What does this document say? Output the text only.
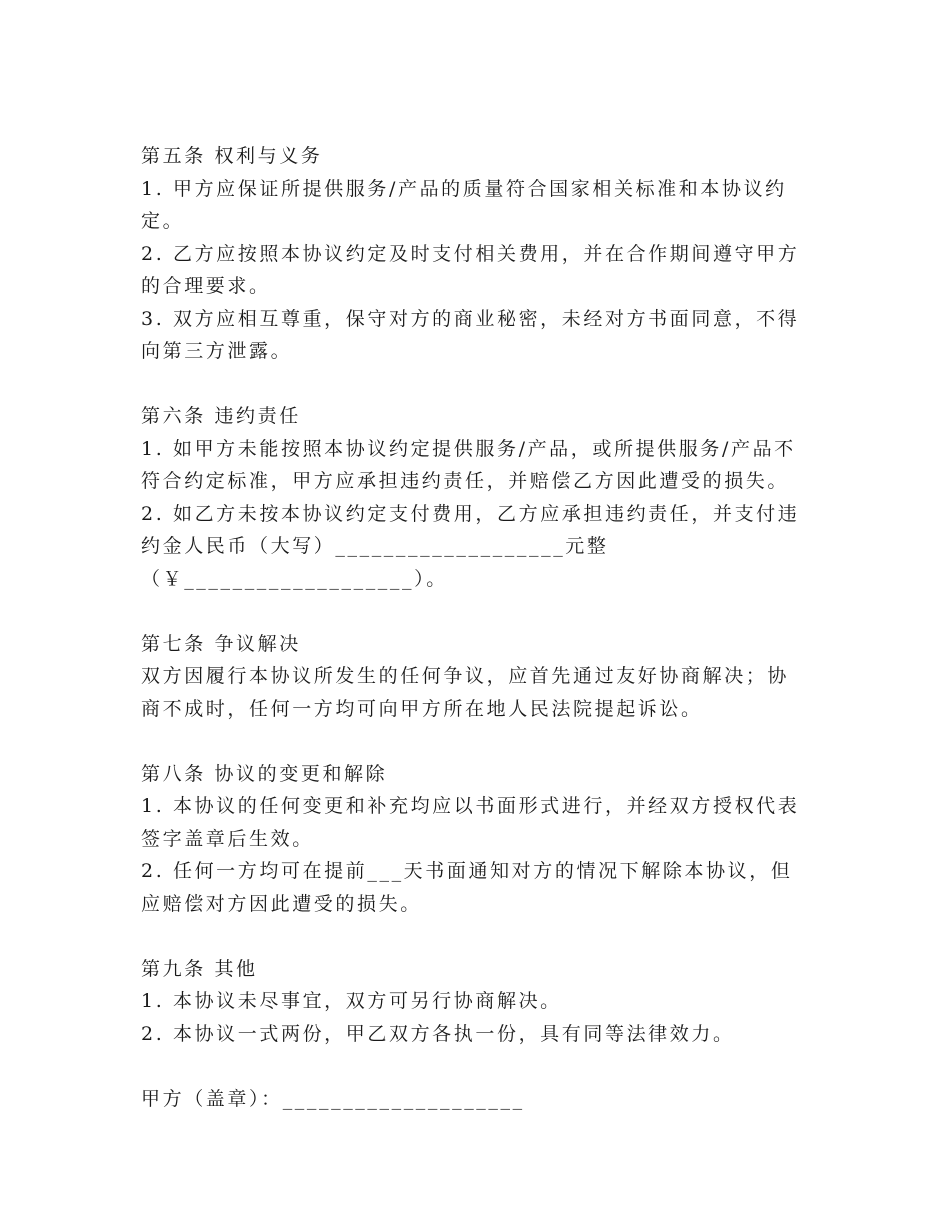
第五条 权利与义务
1. 甲方应保证所提供服务/产品的质量符合国家相关标准和本协议约
定。
2. 乙方应按照本协议约定及时支付相关费用，并在合作期间遵守甲方
的合理要求。
3. 双方应相互尊重，保守对方的商业秘密，未经对方书面同意，不得
向第三方泄露。
第六条 违约责任
1. 如甲方未能按照本协议约定提供服务/产品，或所提供服务/产品不
符合约定标准，甲方应承担违约责任，并赔偿乙方因此遭受的损失。
2. 如乙方未按本协议约定支付费用，乙方应承担违约责任，并支付违
约金人民币（大写）___________________元整
（￥___________________）。
第七条 争议解决
双方因履行本协议所发生的任何争议，应首先通过友好协商解决；协
商不成时，任何一方均可向甲方所在地人民法院提起诉讼。
第八条 协议的变更和解除
1. 本协议的任何变更和补充均应以书面形式进行，并经双方授权代表
签字盖章后生效。
2. 任何一方均可在提前___天书面通知对方的情况下解除本协议，但
应赔偿对方因此遭受的损失。
第九条 其他
1. 本协议未尽事宜，双方可另行协商解决。
2. 本协议一式两份，甲乙双方各执一份，具有同等法律效力。
甲方（盖章）：____________________
